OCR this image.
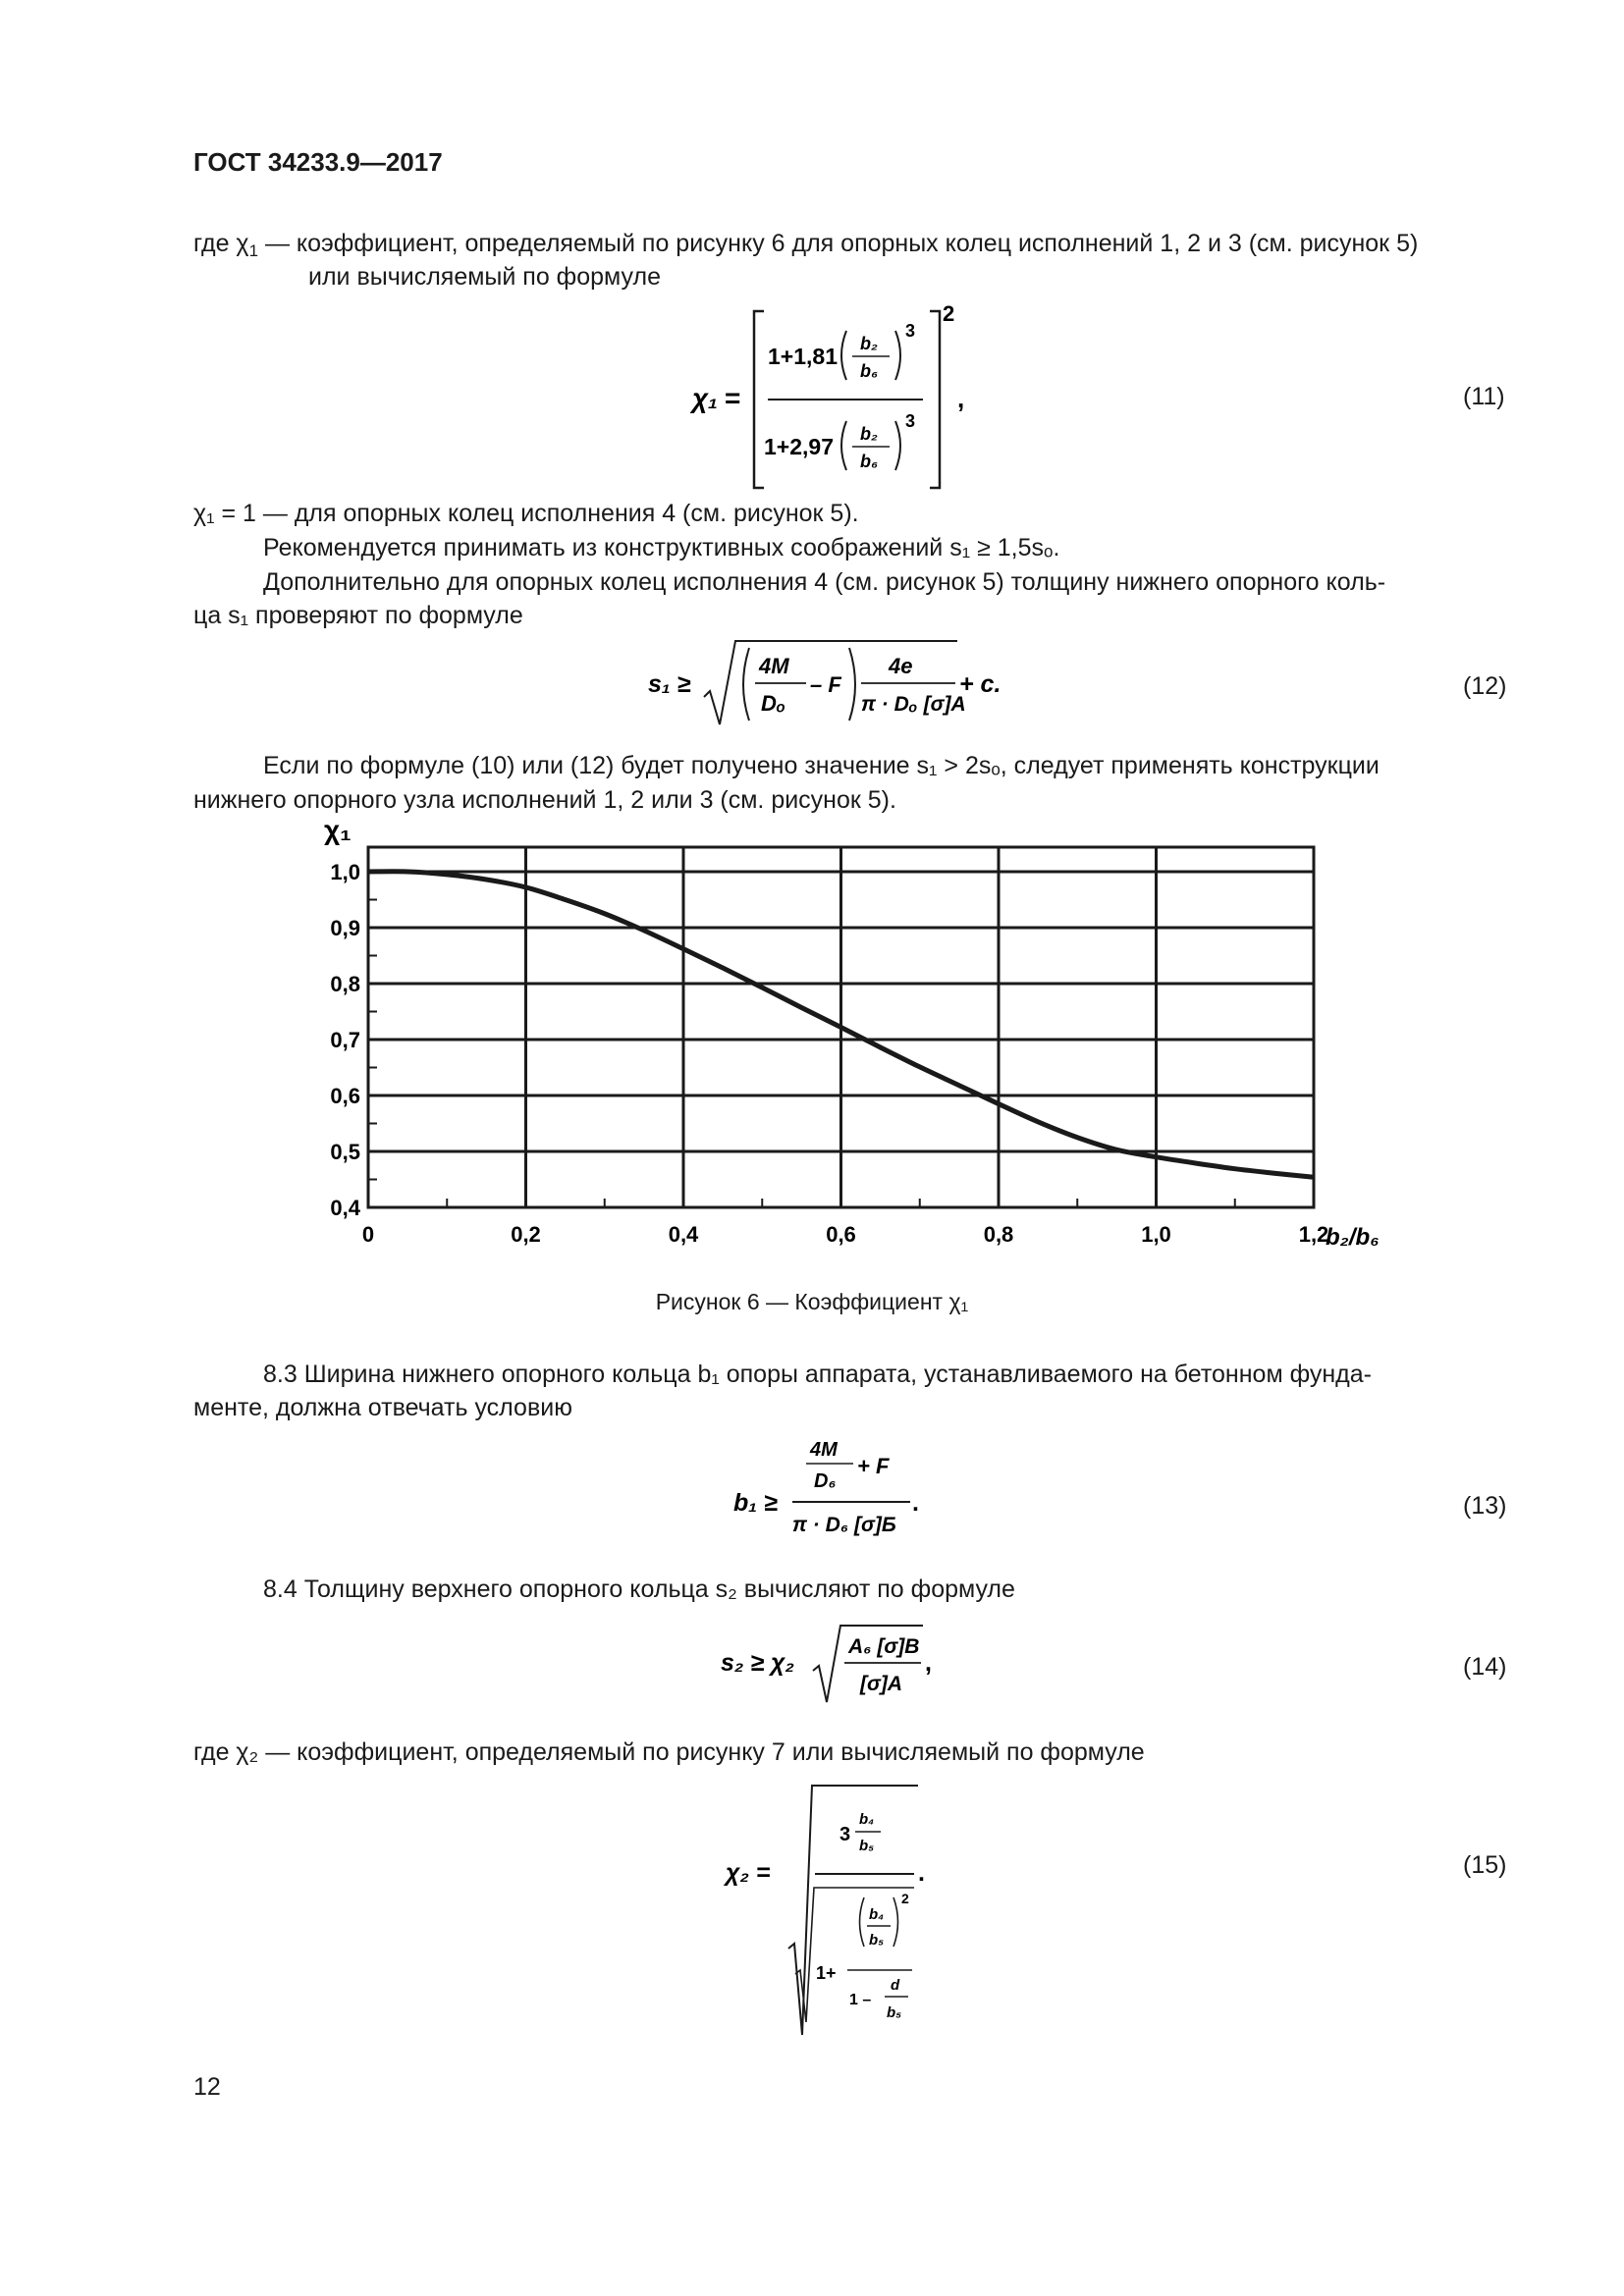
ГОСТ 34233.9—2017
где $\chi_1$ — коэффициент, определяемый по рисунку 6 для опорных колец исполнений 1, 2 и 3 (см. рисунок 5)
или вычисляемый по формуле
χ₁ =
2
1+1,81 b₂
b₆
3
1+2,97 b₂
b₆
3
,	(11)
χ₁ = 1 — для опорных колец исполнения 4 (см. рисунок 5).
Рекомендуется принимать из конструктивных соображений s₁ ≥ 1,5sₒ.
Дополнительно для опорных колец исполнения 4 (см. рисунок 5) толщину нижнего опорного коль-
ца s₁ проверяют по формуле
s₁ ≥
4M
Dₒ
– F
4e
π · Dₒ [σ]A
+ c.	(12)
Если по формуле (10) или (12) будет получено значение s₁ > 2sₒ, следует применять конструкции
нижнего опорного узла исполнений 1, 2 или 3 (см. рисунок 5).
0	0,2	0,4	0,6	0,8	1,0	1,2
0,4
0,5
0,6
0,7
0,8
0,9
1,0
χ₁
b₂/b₆
Рисунок 6 — Коэффициент χ₁
8.3 Ширина нижнего опорного кольца b₁ опоры аппарата, устанавливаемого на бетонном фунда-
менте, должна отвечать условию
b₁ ≥
4M
D₆
+ F
π · D₆ [σ]Б
.	(13)
8.4 Толщину верхнего опорного кольца s₂ вычисляют по формуле
s₂ ≥ χ₂
A₆ [σ]B
[σ]A
,	(14)
где χ₂ — коэффициент, определяемый по рисунку 7 или вычисляемый по формуле
χ₂ =
3
b₄
b₅
1+
b₄
b₅
2
1 –
d
b₅
.	(15)
12
